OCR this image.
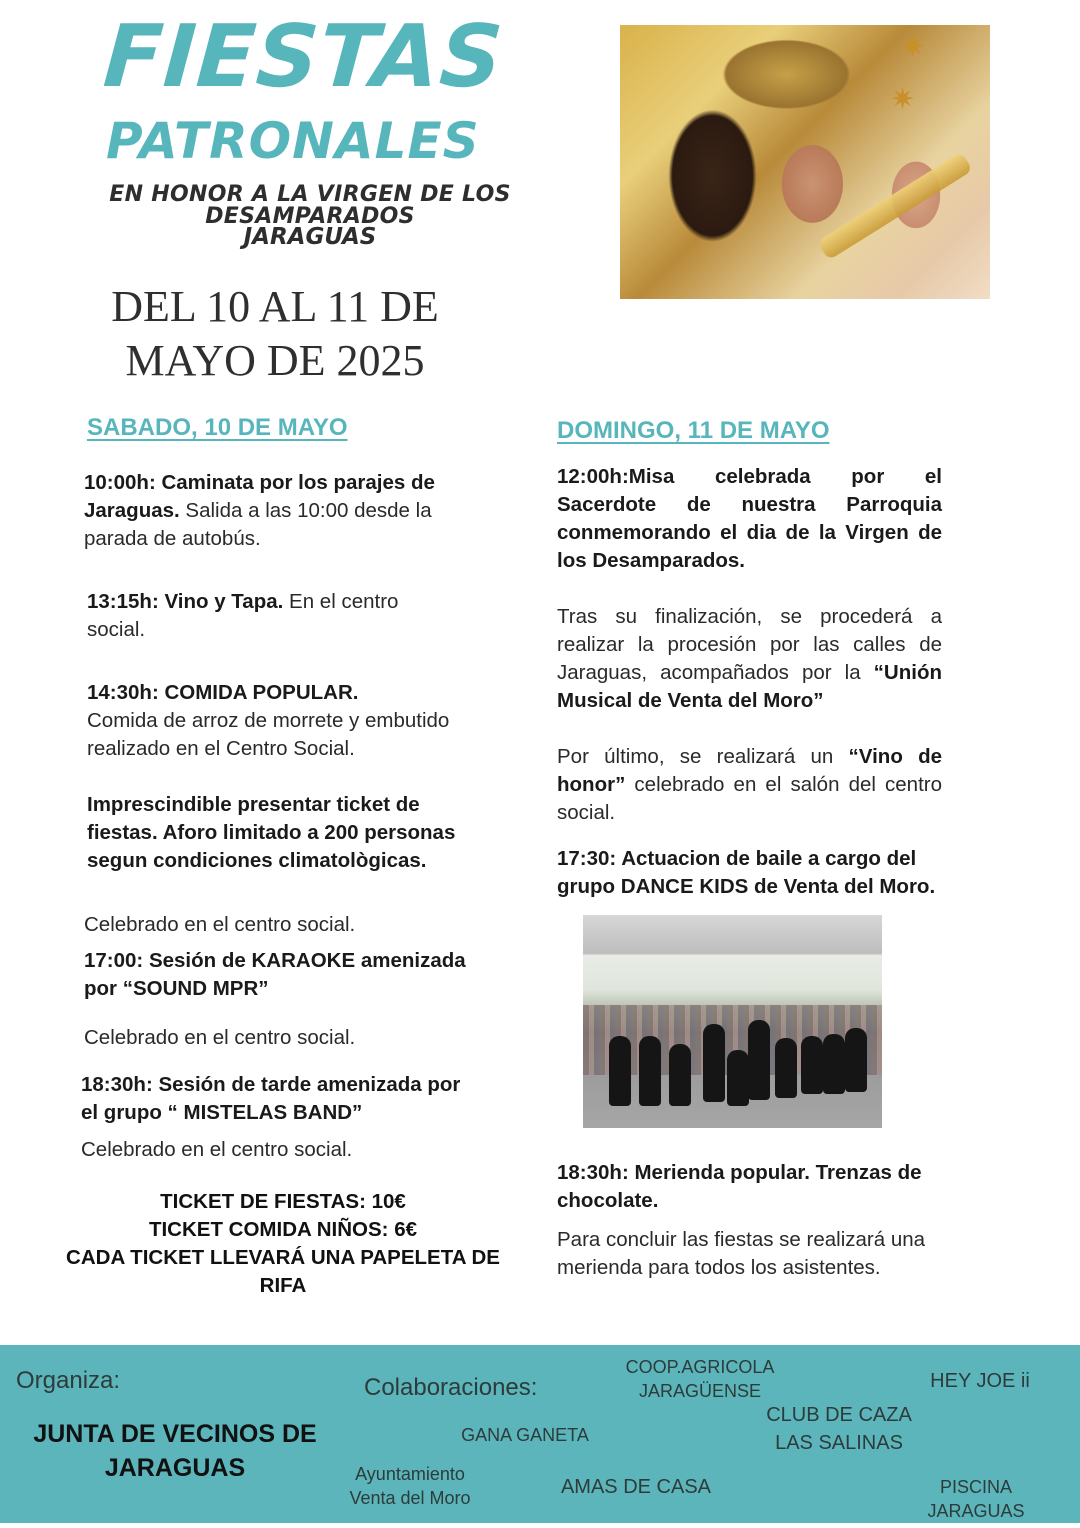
FIESTAS
PATRONALES
EN HONOR A LA VIRGEN DE LOS DESAMPARADOS
JARAGUAS
DEL 10 AL 11 DE
MAYO DE 2025
✷
✷
SABADO, 10 DE MAYO
10:00h: Caminata por los parajes de Jaraguas. Salida a las 10:00 desde la parada de autobús.
13:15h: Vino y Tapa. En el centro social.
14:30h: COMIDA POPULAR.
Comida de arroz de morrete y embutido realizado en el Centro Social.
Imprescindible presentar ticket de fiestas. Aforo limitado a 200 personas segun condiciones climatològicas.
Celebrado en el centro social.
17:00: Sesión de KARAOKE amenizada por “SOUND MPR”
Celebrado en el centro social.
18:30h: Sesión de tarde amenizada por el grupo “ MISTELAS BAND”
Celebrado en el centro social.
TICKET DE FIESTAS: 10€
TICKET COMIDA NIÑOS: 6€
CADA TICKET LLEVARÁ UNA PAPELETA DE RIFA
DOMINGO, 11 DE MAYO
12:00h:Misa celebrada por el Sacerdote de nuestra Parroquia conmemorando el dia de la Virgen de los Desamparados.
Tras su finalización, se procederá a realizar la procesión por las calles de Jaraguas, acompañados por la “Unión Musical de Venta del Moro”
Por último, se realizará un “Vino de honor” celebrado en el salón del centro social.
17:30: Actuacion de baile a cargo del grupo DANCE KIDS de Venta del Moro.
18:30h: Merienda popular. Trenzas de chocolate.
Para concluir las fiestas se realizará una merienda para todos los asistentes.
Organiza:
JUNTA DE VECINOS DE JARAGUAS
Colaboraciones:
COOP.AGRICOLA JARAGÜENSE	HEY JOE ii
CLUB DE CAZA LAS SALINAS
GANA GANETA
Ayuntamiento Venta del Moro	AMAS DE CASA	PISCINA JARAGUAS
